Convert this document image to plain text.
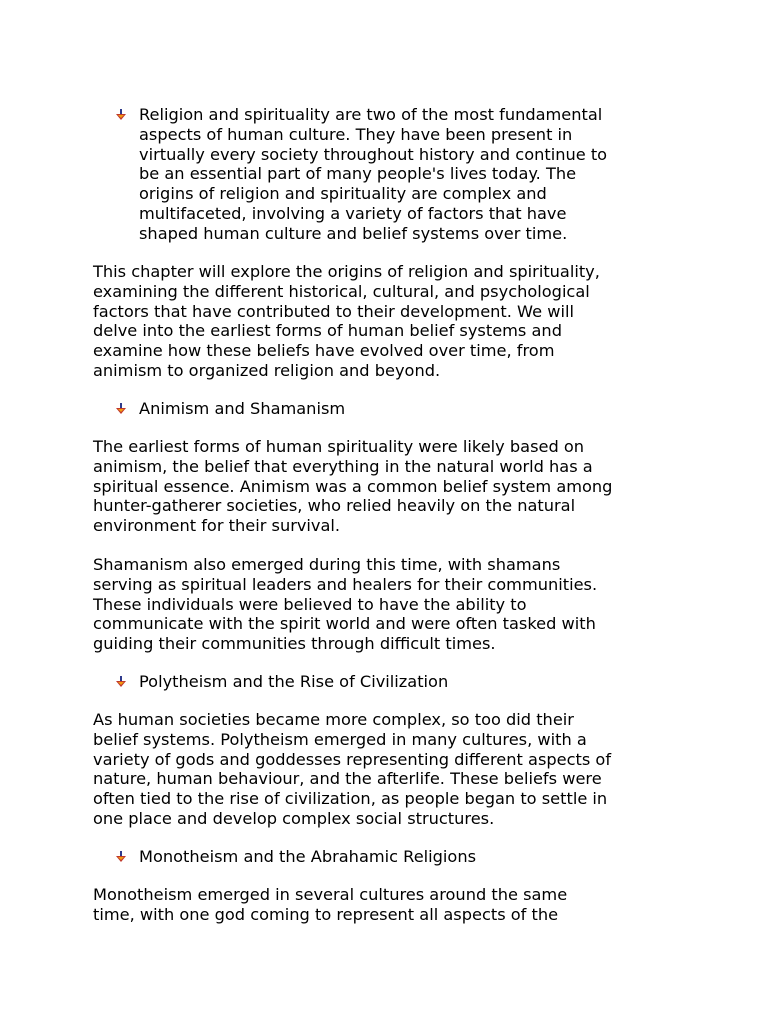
Religion and spirituality are two of the most fundamental
aspects of human culture. They have been present in
virtually every society throughout history and continue to
be an essential part of many people's lives today. The
origins of religion and spirituality are complex and
multifaceted, involving a variety of factors that have
shaped human culture and belief systems over time.
This chapter will explore the origins of religion and spirituality,
examining the different historical, cultural, and psychological
factors that have contributed to their development. We will
delve into the earliest forms of human belief systems and
examine how these beliefs have evolved over time, from
animism to organized religion and beyond.
Animism and Shamanism
The earliest forms of human spirituality were likely based on
animism, the belief that everything in the natural world has a
spiritual essence. Animism was a common belief system among
hunter-gatherer societies, who relied heavily on the natural
environment for their survival.
Shamanism also emerged during this time, with shamans
serving as spiritual leaders and healers for their communities.
These individuals were believed to have the ability to
communicate with the spirit world and were often tasked with
guiding their communities through difficult times.
Polytheism and the Rise of Civilization
As human societies became more complex, so too did their
belief systems. Polytheism emerged in many cultures, with a
variety of gods and goddesses representing different aspects of
nature, human behaviour, and the afterlife. These beliefs were
often tied to the rise of civilization, as people began to settle in
one place and develop complex social structures.
Monotheism and the Abrahamic Religions
Monotheism emerged in several cultures around the same
time, with one god coming to represent all aspects of the
